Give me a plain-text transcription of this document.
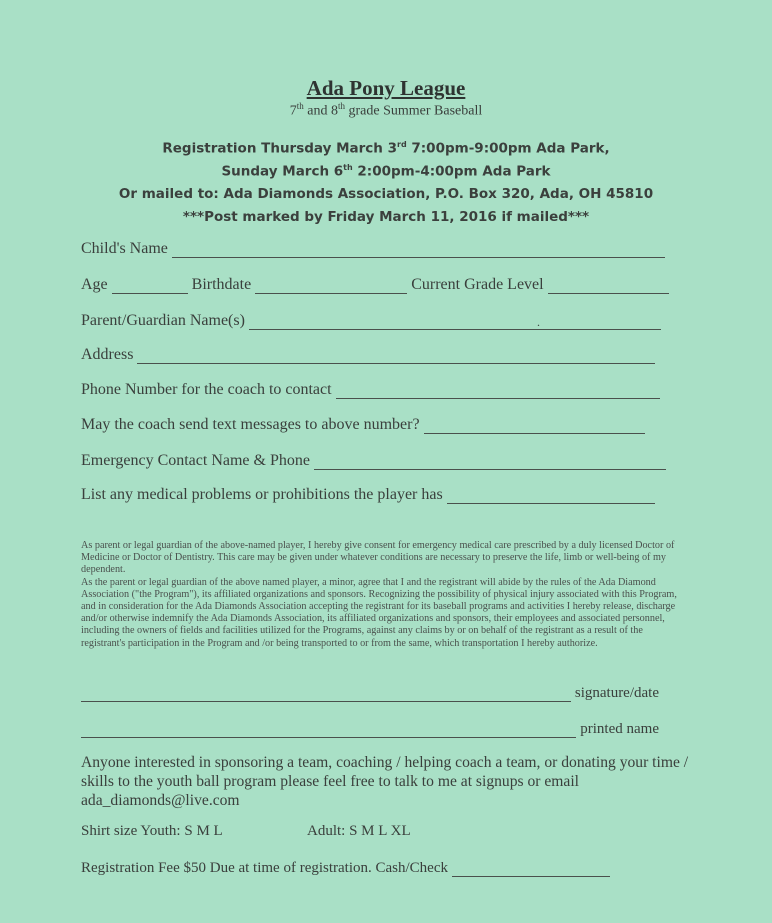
Ada Pony League
7th and 8th grade Summer Baseball
Registration Thursday March 3rd 7:00pm-9:00pm Ada Park,
Sunday March 6th 2:00pm-4:00pm Ada Park
Or mailed to: Ada Diamonds Association, P.O. Box 320, Ada, OH 45810
***Post marked by Friday March 11, 2016 if mailed***
Child's Name
Age	Birthdate	Current Grade Level
Parent/Guardian Name(s)	.
Address
Phone Number for the coach to contact
May the coach send text messages to above number?
Emergency Contact Name & Phone
List any medical problems or prohibitions the player has

As parent or legal guardian of the above-named player, I hereby give consent for emergency medical care prescribed by a duly licensed Doctor of Medicine or Doctor of Dentistry. This care may be given under whatever conditions are necessary to preserve the life, limb or well-being of my dependent.

As the parent or legal guardian of the above named player, a minor, agree that I and the registrant will abide by the rules of the Ada Diamond Association ("the Program"), its affiliated organizations and sponsors. Recognizing the possibility of physical injury associated with this Program, and in consideration for the Ada Diamonds Association accepting the registrant for its baseball programs and activities I hereby release, discharge and/or otherwise indemnify the Ada Diamonds Association, its affiliated organizations and sponsors, their employees and associated personnel, including the owners of fields and facilities utilized for the Programs, against any claims by or on behalf of the registrant as a result of the registrant's participation in the Program and /or being transported to or from the same, which transportation I hereby authorize.

signature/date
printed name

Anyone interested in sponsoring a team, coaching / helping coach a team, or donating your time / skills to the youth ball program please feel free to talk to me at signups or email ada_diamonds@live.com

Shirt size Youth: S M L	Adult: S M L XL
Registration Fee $50 Due at time of registration. Cash/Check
